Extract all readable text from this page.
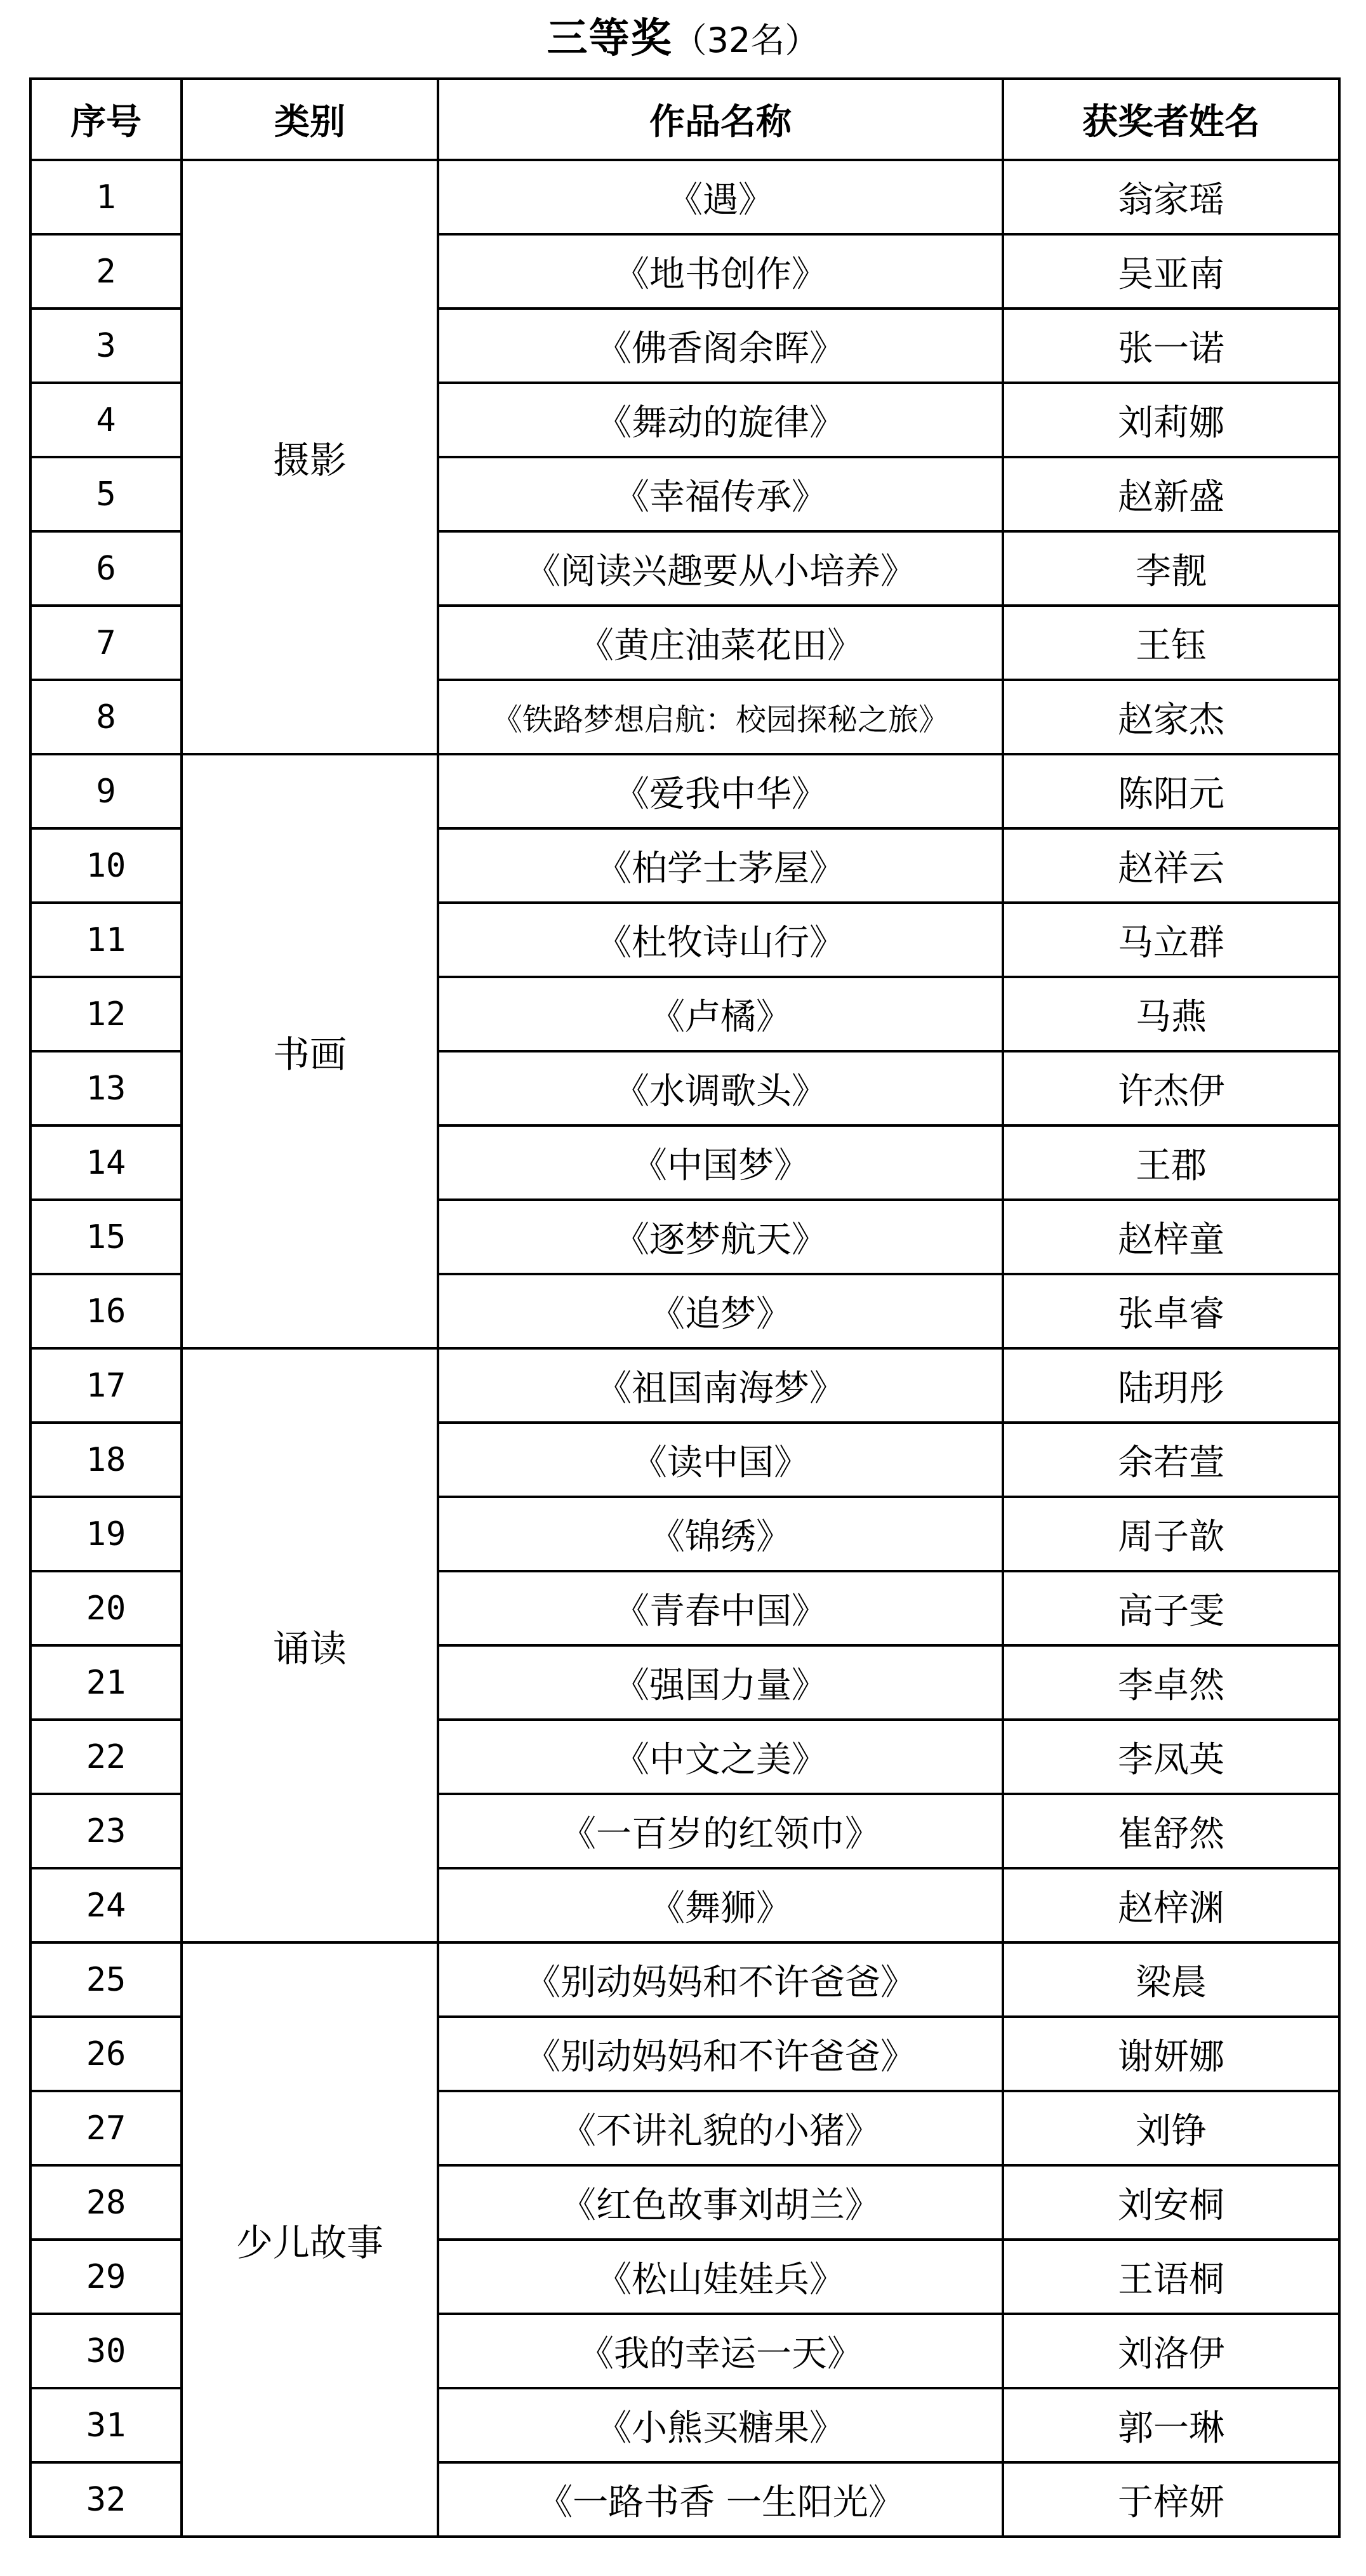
三等奖（32名）
序号	类别	作品名称	获奖者姓名
1	摄影	《遇》	翁家瑶
2		《地书创作》	吴亚南
3		《佛香阁余晖》	张一诺
4		《舞动的旋律》	刘莉娜
5		《幸福传承》	赵新盛
6		《阅读兴趣要从小培养》	李靓
7		《黄庄油菜花田》	王钰
8		《铁路梦想启航：校园探秘之旅》	赵家杰
9	书画	《爱我中华》	陈阳元
10		《柏学士茅屋》	赵祥云
11		《杜牧诗山行》	马立群
12		《卢橘》	马燕
13		《水调歌头》	许杰伊
14		《中国梦》	王郡
15		《逐梦航天》	赵梓童
16		《追梦》	张卓睿
17	诵读	《祖国南海梦》	陆玥彤
18		《读中国》	余若萱
19		《锦绣》	周子歆
20		《青春中国》	高子雯
21		《强国力量》	李卓然
22		《中文之美》	李凤英
23		《一百岁的红领巾》	崔舒然
24		《舞狮》	赵梓渊
25	少儿故事	《别动妈妈和不许爸爸》	梁晨
26		《别动妈妈和不许爸爸》	谢妍娜
27		《不讲礼貌的小猪》	刘铮
28		《红色故事刘胡兰》	刘安桐
29		《松山娃娃兵》	王语桐
30		《我的幸运一天》	刘洛伊
31		《小熊买糖果》	郭一琳
32		《一路书香 一生阳光》	于梓妍
